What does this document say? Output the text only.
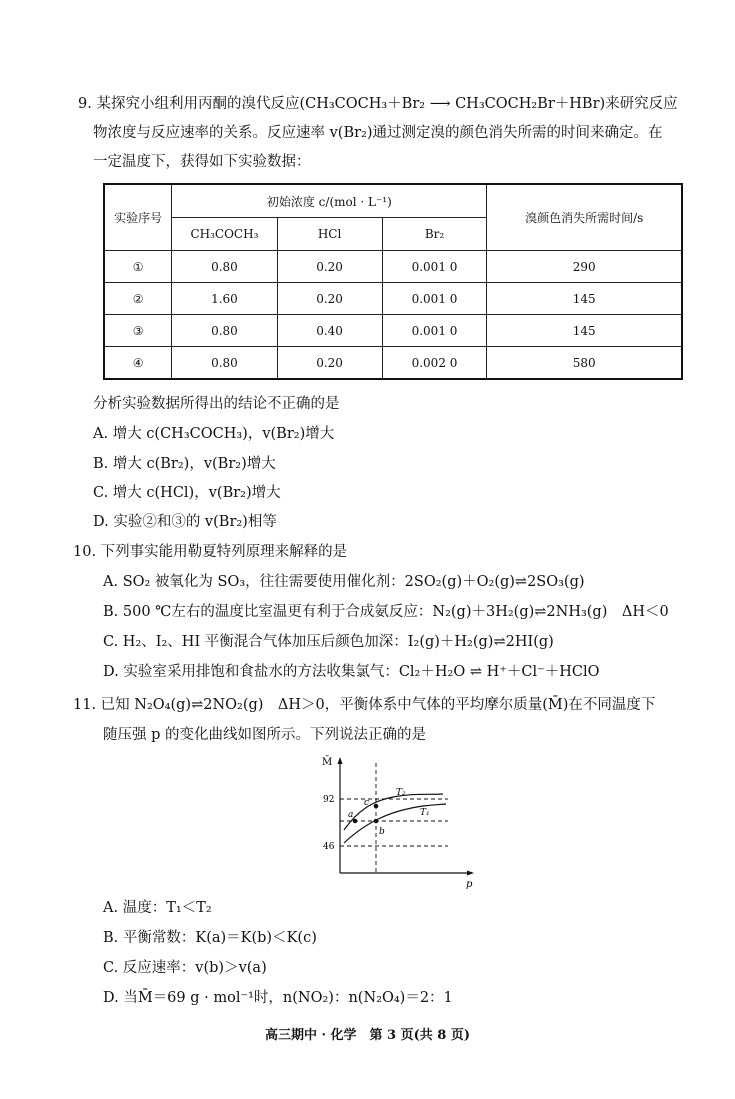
9. 某探究小组利用丙酮的溴代反应(CH₃COCH₃＋Br₂ ⟶ CH₃COCH₂Br＋HBr)来研究反应
物浓度与反应速率的关系。反应速率 v(Br₂)通过测定溴的颜色消失所需的时间来确定。在
一定温度下，获得如下实验数据：
实验序号	初始浓度 c/(mol · L⁻¹)			溴颜色消失所需时间/s
	CH₃COCH₃	HCl	Br₂	
①	0.80	0.20	0.001 0	290
②	1.60	0.20	0.001 0	145
③	0.80	0.40	0.001 0	145
④	0.80	0.20	0.002 0	580
分析实验数据所得出的结论不正确的是
A. 增大 c(CH₃COCH₃)，v(Br₂)增大
B. 增大 c(Br₂)，v(Br₂)增大
C. 增大 c(HCl)，v(Br₂)增大
D. 实验②和③的 v(Br₂)相等
10. 下列事实能用勒夏特列原理来解释的是
A. SO₂ 被氧化为 SO₃，往往需要使用催化剂：2SO₂(g)＋O₂(g)⇌2SO₃(g)
B. 500 ℃左右的温度比室温更有利于合成氨反应：N₂(g)＋3H₂(g)⇌2NH₃(g)　ΔH＜0
C. H₂、I₂、HI 平衡混合气体加压后颜色加深：I₂(g)＋H₂(g)⇌2HI(g)
D. 实验室采用排饱和食盐水的方法收集氯气：Cl₂＋H₂O ⇌ H⁺＋Cl⁻＋HClO
11. 已知 N₂O₄(g)⇌2NO₂(g)　ΔH＞0，平衡体系中气体的平均摩尔质量(M̄)在不同温度下
随压强 p 的变化曲线如图所示。下列说法正确的是
M̄
p
92
46
T₂
T₁
a
b
c
A. 温度：T₁＜T₂
B. 平衡常数：K(a)＝K(b)＜K(c)
C. 反应速率：v(b)＞v(a)
D. 当M̄＝69 g · mol⁻¹时，n(NO₂)：n(N₂O₄)＝2：1
高三期中 · 化学　第 3 页(共 8 页)
